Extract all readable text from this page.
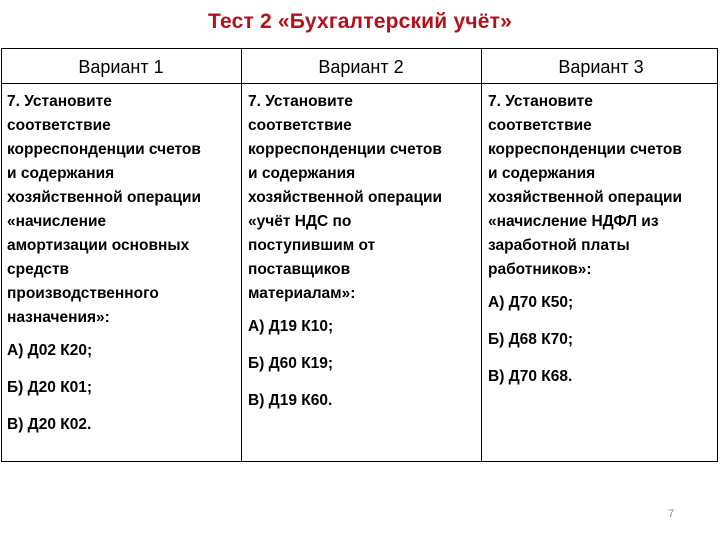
Тест 2 «Бухгалтерский учёт»
Вариант 1	Вариант 2	Вариант 3
7. Установите
соответствие
корреспонденции счетов
и содержания
хозяйственной операции
«начисление
амортизации основных
средств
производственного
назначения»:
А) Д02 К20;
Б) Д20 К01;
В) Д20 К02.
7. Установите
соответствие
корреспонденции счетов
и содержания
хозяйственной операции
«учёт НДС по
поступившим от
поставщиков
материалам»:
А) Д19 К10;
Б) Д60 К19;
В) Д19 К60.
7. Установите
соответствие
корреспонденции счетов
и содержания
хозяйственной операции
«начисление НДФЛ из
заработной платы
работников»:
А) Д70 К50;
Б) Д68 К70;
В) Д70 К68.
7
